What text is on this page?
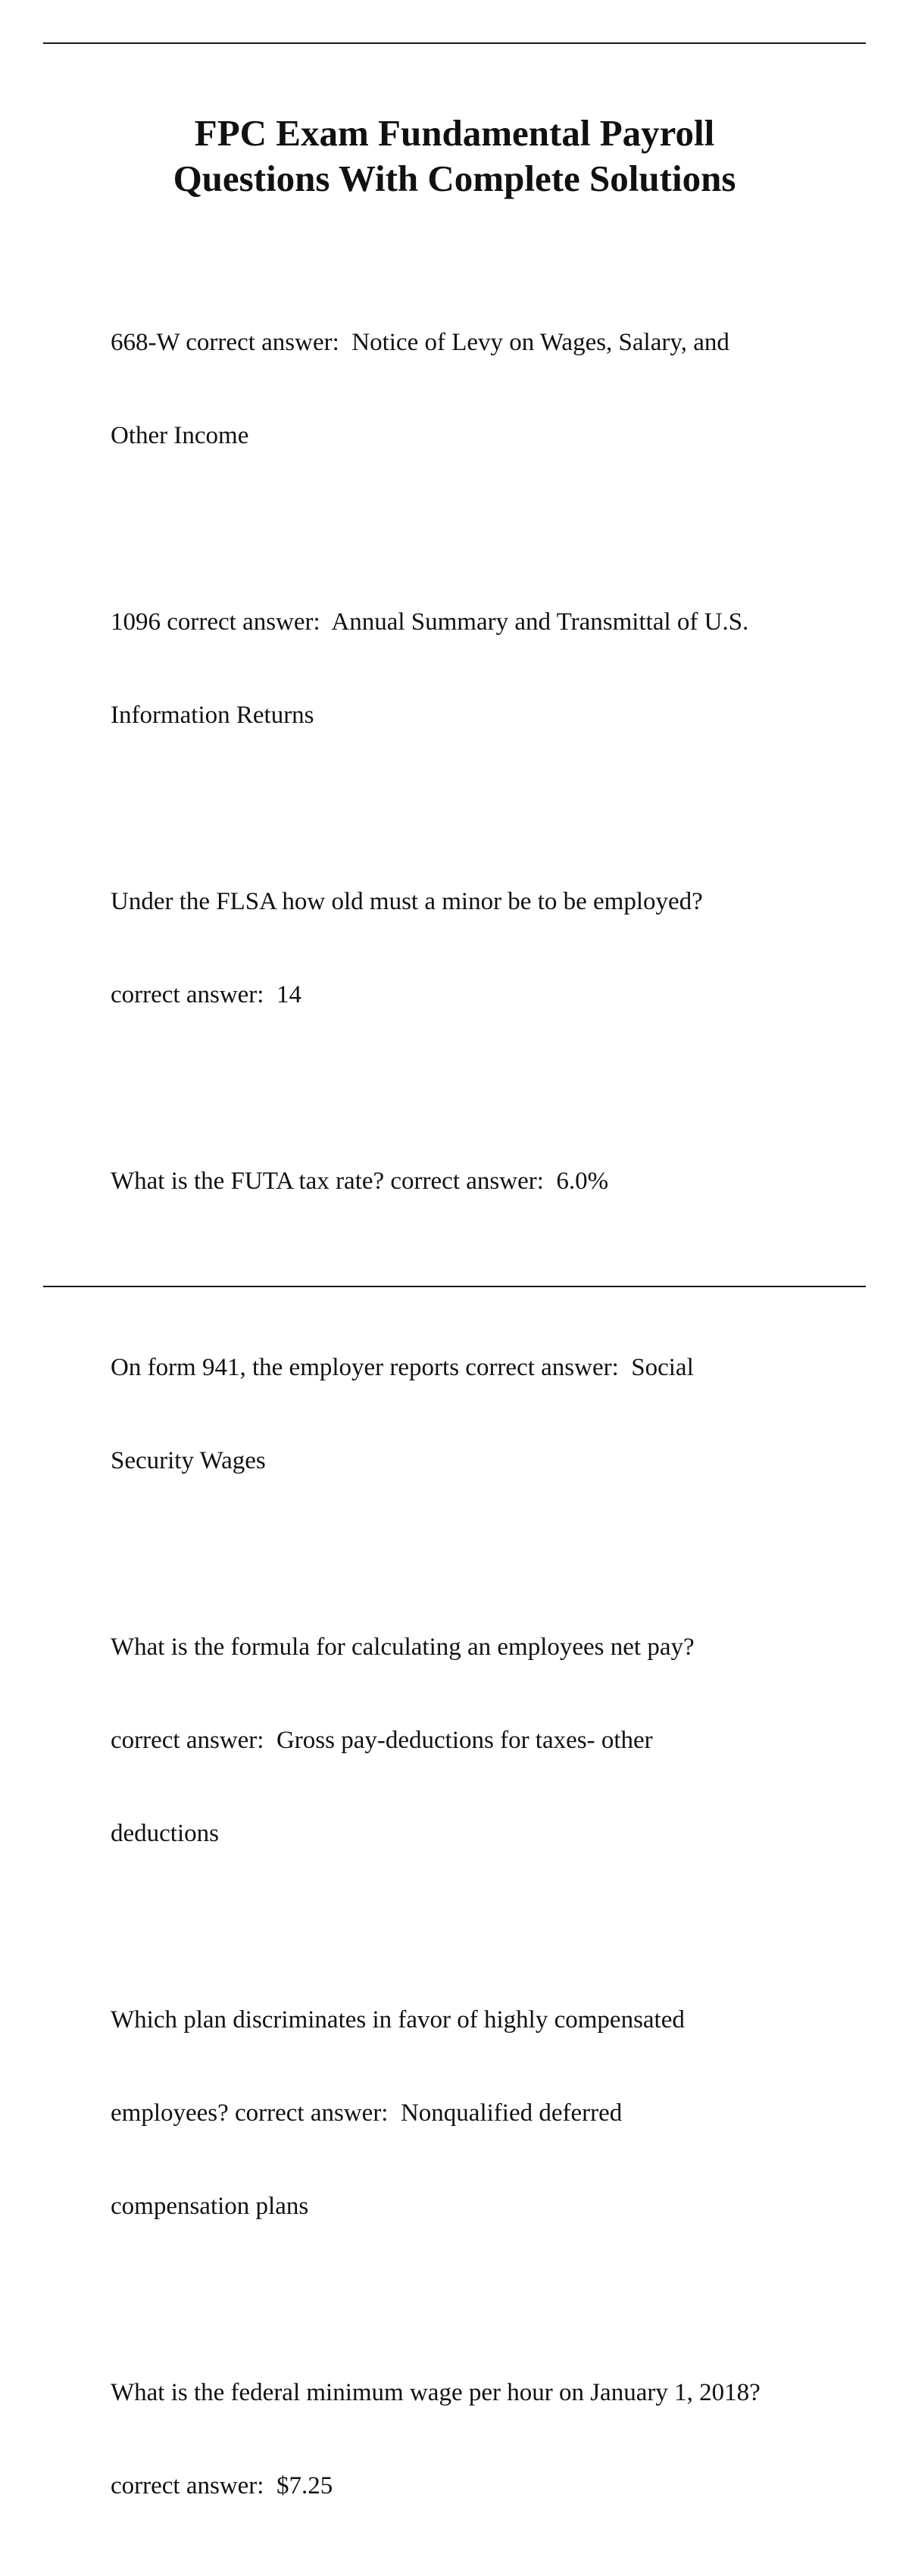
FPC Exam Fundamental Payroll
Questions With Complete Solutions

668-W correct answer:  Notice of Levy on Wages, Salary, and

Other Income

1096 correct answer:  Annual Summary and Transmittal of U.S.

Information Returns

Under the FLSA how old must a minor be to be employed?

correct answer:  14

What is the FUTA tax rate? correct answer:  6.0%

On form 941, the employer reports correct answer:  Social

Security Wages

What is the formula for calculating an employees net pay?

correct answer:  Gross pay-deductions for taxes- other

deductions

Which plan discriminates in favor of highly compensated

employees? correct answer:  Nonqualified deferred

compensation plans

What is the federal minimum wage per hour on January 1, 2018?

correct answer:  $7.25
